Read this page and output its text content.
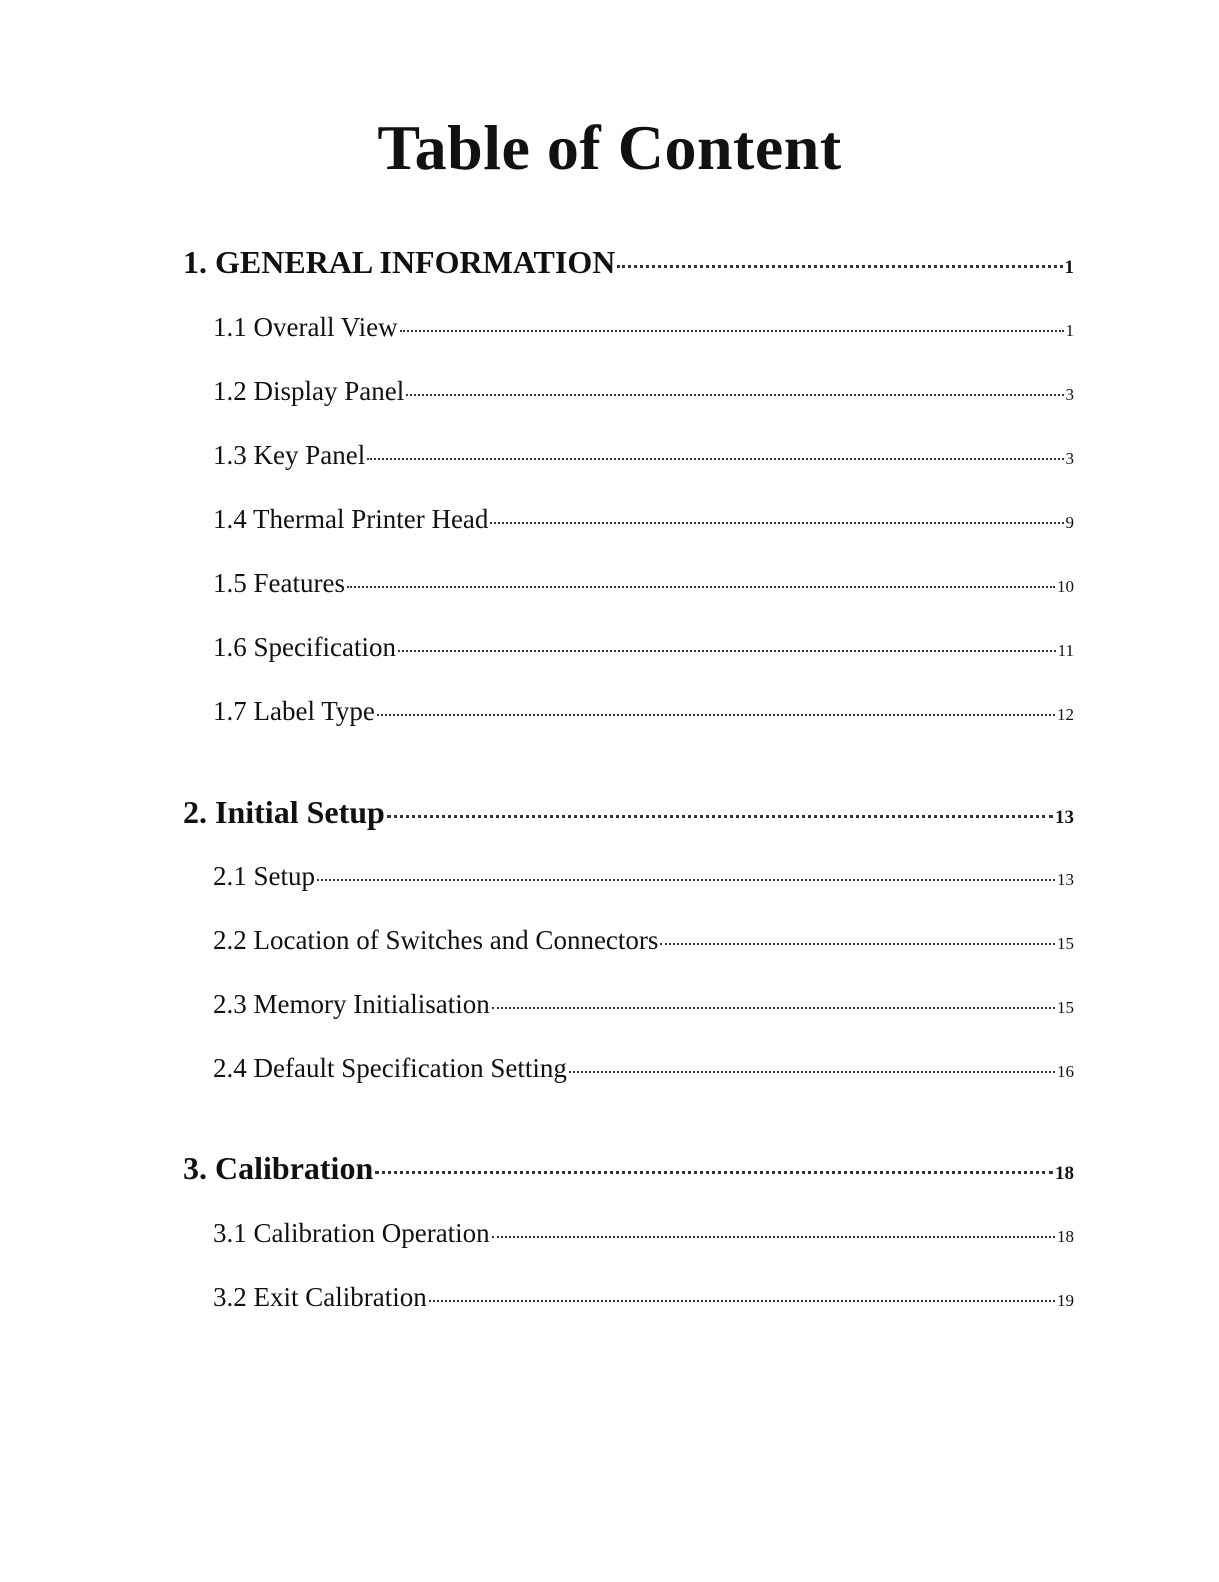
Table of Content
1. GENERAL INFORMATION	1
1.1 Overall View	1
1.2 Display Panel	3
1.3 Key Panel	3
1.4 Thermal Printer Head	9
1.5 Features	10
1.6 Specification	11
1.7 Label Type	12
2. Initial Setup	13
2.1 Setup	13
2.2 Location of Switches and Connectors	15
2.3 Memory Initialisation	15
2.4 Default Specification Setting	16
3. Calibration	18
3.1 Calibration Operation	18
3.2 Exit Calibration	19
